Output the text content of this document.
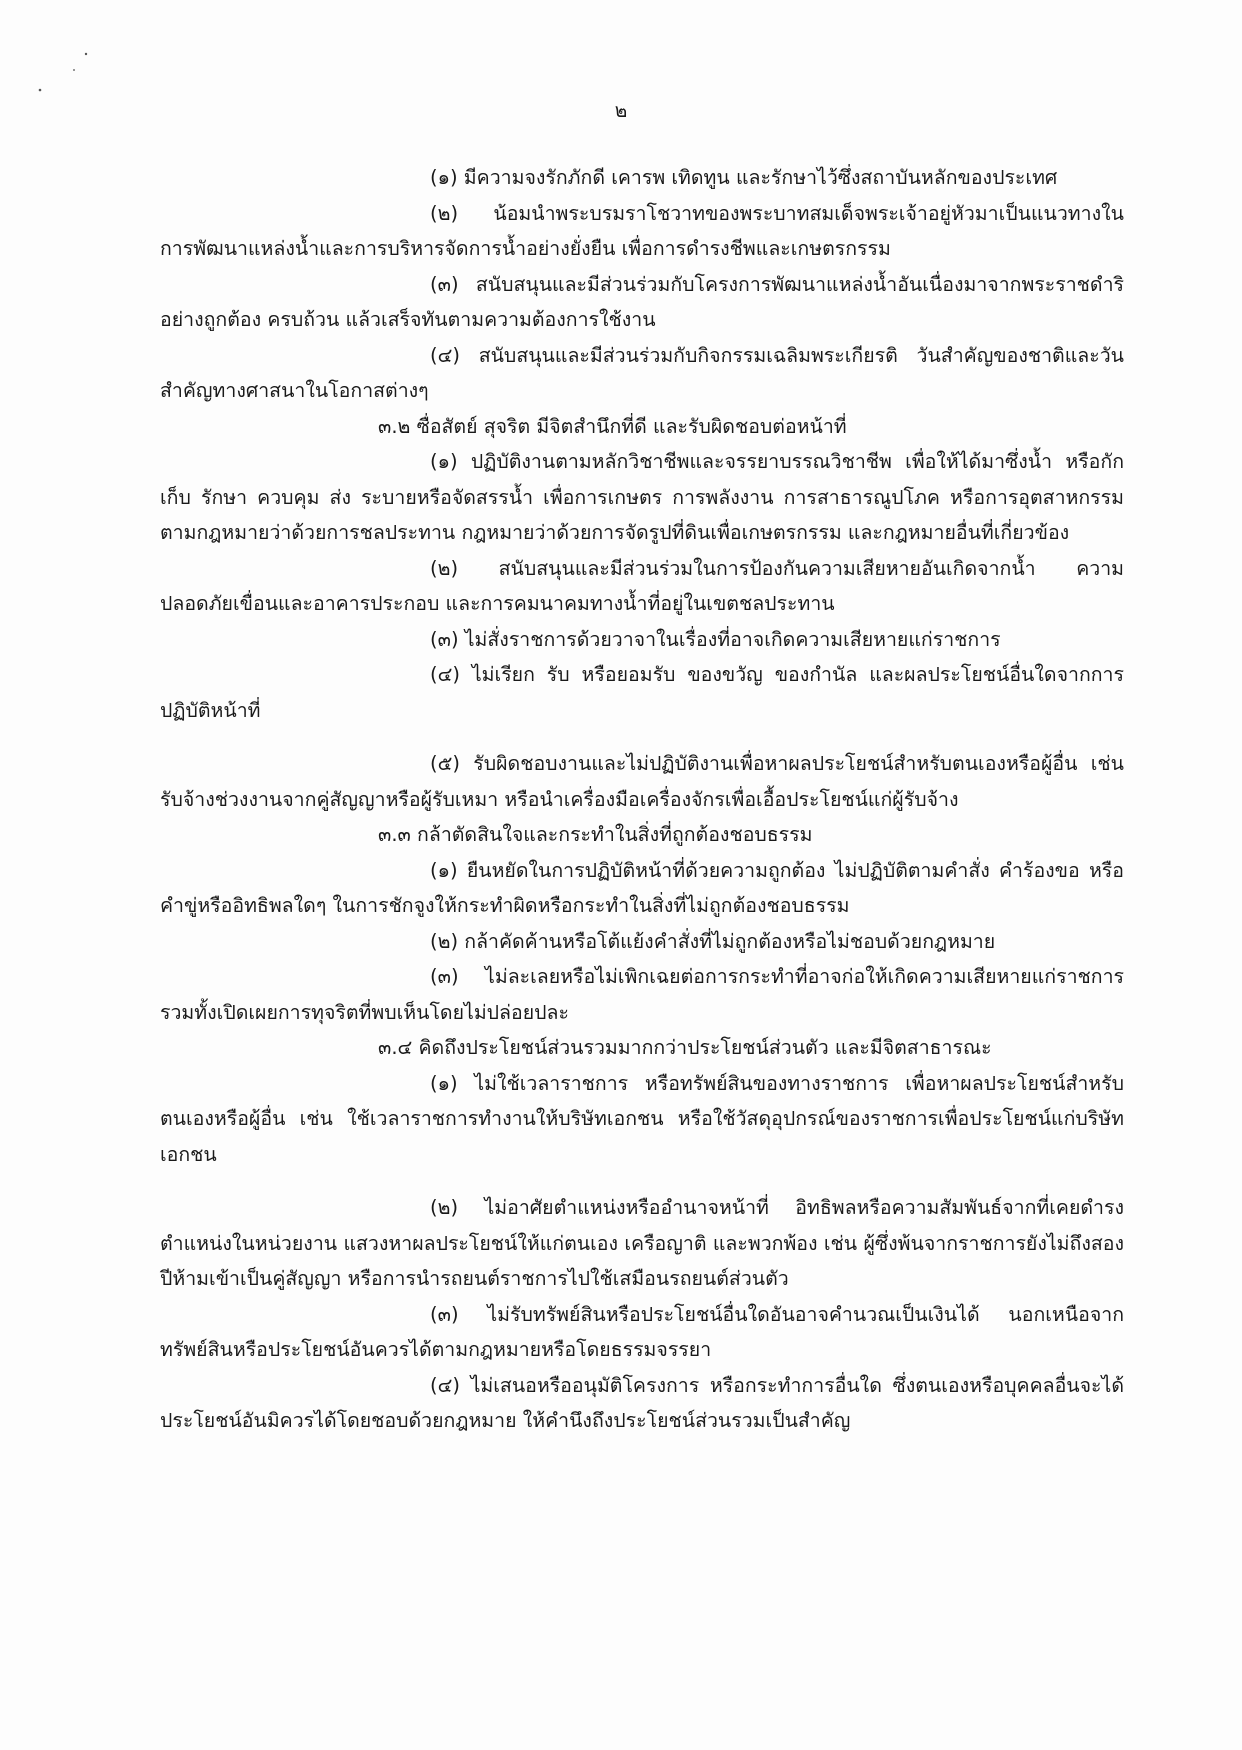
๒

(๑) มีความจงรักภักดี เคารพ เทิดทูน และรักษาไว้ซึ่งสถาบันหลักของประเทศ

(๒) น้อมนำพระบรมราโชวาทของพระบาทสมเด็จพระเจ้าอยู่หัวมาเป็นแนวทางในการพัฒนาแหล่งน้ำและการบริหารจัดการน้ำอย่างยั่งยืน เพื่อการดำรงชีพและเกษตรกรรม

(๓) สนับสนุนและมีส่วนร่วมกับโครงการพัฒนาแหล่งน้ำอันเนื่องมาจากพระราชดำริอย่างถูกต้อง ครบถ้วน แล้วเสร็จทันตามความต้องการใช้งาน

(๔) สนับสนุนและมีส่วนร่วมกับกิจกรรมเฉลิมพระเกียรติ วันสำคัญของชาติและวันสำคัญทางศาสนาในโอกาสต่างๆ

๓.๒ ซื่อสัตย์ สุจริต มีจิตสำนึกที่ดี และรับผิดชอบต่อหน้าที่

(๑) ปฏิบัติงานตามหลักวิชาชีพและจรรยาบรรณวิชาชีพ เพื่อให้ได้มาซึ่งน้ำ หรือกักเก็บ รักษา ควบคุม ส่ง ระบายหรือจัดสรรน้ำ เพื่อการเกษตร การพลังงาน การสาธารณูปโภค หรือการอุตสาหกรรม ตามกฎหมายว่าด้วยการชลประทาน กฎหมายว่าด้วยการจัดรูปที่ดินเพื่อเกษตรกรรม และกฎหมายอื่นที่เกี่ยวข้อง

(๒) สนับสนุนและมีส่วนร่วมในการป้องกันความเสียหายอันเกิดจากน้ำ ความปลอดภัยเขื่อนและอาคารประกอบ และการคมนาคมทางน้ำที่อยู่ในเขตชลประทาน

(๓) ไม่สั่งราชการด้วยวาจาในเรื่องที่อาจเกิดความเสียหายแก่ราชการ

(๔) ไม่เรียก รับ หรือยอมรับ ของขวัญ ของกำนัล และผลประโยชน์อื่นใดจากการปฏิบัติหน้าที่

(๕) รับผิดชอบงานและไม่ปฏิบัติงานเพื่อหาผลประโยชน์สำหรับตนเองหรือผู้อื่น เช่น รับจ้างช่วงงานจากคู่สัญญาหรือผู้รับเหมา หรือนำเครื่องมือเครื่องจักรเพื่อเอื้อประโยชน์แก่ผู้รับจ้าง

๓.๓ กล้าตัดสินใจและกระทำในสิ่งที่ถูกต้องชอบธรรม

(๑) ยืนหยัดในการปฏิบัติหน้าที่ด้วยความถูกต้อง ไม่ปฏิบัติตามคำสั่ง คำร้องขอ หรือคำขู่หรืออิทธิพลใดๆ ในการชักจูงให้กระทำผิดหรือกระทำในสิ่งที่ไม่ถูกต้องชอบธรรม

(๒) กล้าคัดค้านหรือโต้แย้งคำสั่งที่ไม่ถูกต้องหรือไม่ชอบด้วยกฎหมาย

(๓) ไม่ละเลยหรือไม่เพิกเฉยต่อการกระทำที่อาจก่อให้เกิดความเสียหายแก่ราชการรวมทั้งเปิดเผยการทุจริตที่พบเห็นโดยไม่ปล่อยปละ

๓.๔ คิดถึงประโยชน์ส่วนรวมมากกว่าประโยชน์ส่วนตัว และมีจิตสาธารณะ

(๑) ไม่ใช้เวลาราชการ หรือทรัพย์สินของทางราชการ เพื่อหาผลประโยชน์สำหรับตนเองหรือผู้อื่น เช่น ใช้เวลาราชการทำงานให้บริษัทเอกชน หรือใช้วัสดุอุปกรณ์ของราชการเพื่อประโยชน์แก่บริษัทเอกชน

(๒) ไม่อาศัยตำแหน่งหรืออำนาจหน้าที่ อิทธิพลหรือความสัมพันธ์จากที่เคยดำรงตำแหน่งในหน่วยงาน แสวงหาผลประโยชน์ให้แก่ตนเอง เครือญาติ และพวกพ้อง เช่น ผู้ซึ่งพ้นจากราชการยังไม่ถึงสองปีห้ามเข้าเป็นคู่สัญญา หรือการนำรถยนต์ราชการไปใช้เสมือนรถยนต์ส่วนตัว

(๓) ไม่รับทรัพย์สินหรือประโยชน์อื่นใดอันอาจคำนวณเป็นเงินได้ นอกเหนือจากทรัพย์สินหรือประโยชน์อันควรได้ตามกฎหมายหรือโดยธรรมจรรยา

(๔) ไม่เสนอหรืออนุมัติโครงการ หรือกระทำการอื่นใด ซึ่งตนเองหรือบุคคลอื่นจะได้ประโยชน์อันมิควรได้โดยชอบด้วยกฎหมาย ให้คำนึงถึงประโยชน์ส่วนรวมเป็นสำคัญ
